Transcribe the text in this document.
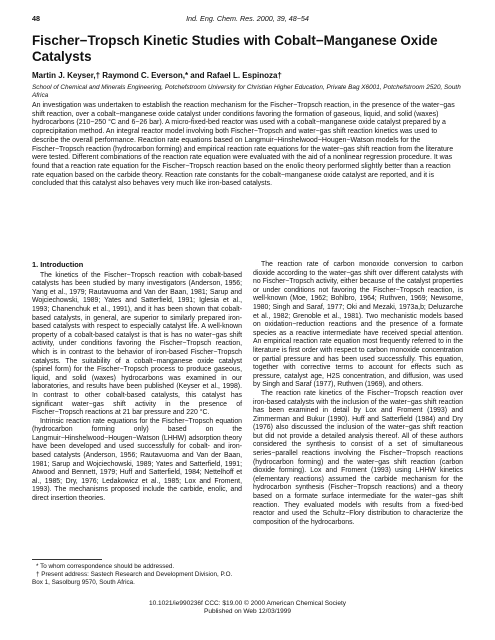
48	Ind. Eng. Chem. Res. 2000, 39, 48−54
Fischer−Tropsch Kinetic Studies with Cobalt−Manganese Oxide Catalysts
Martin J. Keyser,† Raymond C. Everson,* and Rafael L. Espinoza†
School of Chemical and Minerals Engineering, Potchefstroom University for Christian Higher Education, Private Bag X6001, Potchefstroom 2520, South Africa
An investigation was undertaken to establish the reaction mechanism for the Fischer−Tropsch reaction, in the presence of the water−gas shift reaction, over a cobalt−manganese oxide catalyst under conditions favoring the formation of gaseous, liquid, and solid (waxes) hydrocarbons (210−250 °C and 6−26 bar). A micro-fixed-bed reactor was used with a cobalt−manganese oxide catalyst prepared by a coprecipitation method. An integral reactor model involving both Fischer−Tropsch and water−gas shift reaction kinetics was used to describe the overall performance. Reaction rate equations based on Langmuir−Hinshelwood−Hougen−Watson models for the Fischer−Tropsch reaction (hydrocarbon forming) and empirical reaction rate equations for the water−gas shift reaction from the literature were tested. Different combinations of the reaction rate equation were evaluated with the aid of a nonlinear regression procedure. It was found that a reaction rate equation for the Fischer−Tropsch reaction based on the enolic theory performed slightly better than a reaction rate equation based on the carbide theory. Reaction rate constants for the cobalt−manganese oxide catalyst are reported, and it is concluded that this catalyst also behaves very much like iron-based catalysts.
1. Introduction

The kinetics of the Fischer−Tropsch reaction with cobalt-based catalysts has been studied by many investigators (Anderson, 1956; Yang et al., 1979; Rautavuoma and Van der Baan, 1981; Sarup and Wojciechowski, 1989; Yates and Satterfield, 1991; Iglesia et al., 1993; Chanenchuk et al., 1991), and it has been shown that cobalt-based catalysts, in general, are superior to similarly prepared iron-based catalysts with respect to especially catalyst life. A well-known property of a cobalt-based catalyst is that is has no water−gas shift activity, under conditions favoring the Fischer−Tropsch reaction, which is in contrast to the behavior of iron-based Fischer−Tropsch catalysts. The suitability of a cobalt−manganese oxide catalyst (spinel form) for the Fischer−Tropsch process to produce gaseous, liquid, and solid (waxes) hydrocarbons was examined in our laboratories, and results have been published (Keyser et al., 1998). In contrast to other cobalt-based catalysts, this catalyst has significant water−gas shift activity in the presence of Fischer−Tropsch reactions at 21 bar pressure and 220 °C.

Intrinsic reaction rate equations for the Fischer−Tropsch equation (hydrocarbon forming only) based on the Langmuir−Hinshelwood−Hougen−Watson (LHHW) adsorption theory have been developed and used successfully for cobalt- and iron-based catalysts (Anderson, 1956; Rautavuoma and Van der Baan, 1981; Sarup and Wojciechowski, 1989; Yates and Satterfield, 1991; Atwood and Bennett, 1979; Huff and Satterfield, 1984; Nettelhoff et al., 1985; Dry, 1976; Ledakowicz et al., 1985; Lox and Froment, 1993). The mechanisms proposed include the carbide, enolic, and direct insertion theories.

The reaction rate of carbon monoxide conversion to carbon dioxide according to the water−gas shift over different catalysts with no Fischer−Tropsch activity, either because of the catalyst properties or under conditions not favoring the Fischer−Tropsch reaction, is well-known (Moe, 1962; Bohlbro, 1964; Ruthven, 1969; Newsome, 1980; Singh and Saraf, 1977; Oki and Mezaki, 1973a,b; Deluzarche et al., 1982; Grenoble et al., 1981). Two mechanistic models based on oxidation−reduction reactions and the presence of a formate species as a reactive intermediate have received special attention. An empirical reaction rate equation most frequently referred to in the literature is first order with respect to carbon monoxide concentration or partial pressure and has been used successfully. This equation, together with corrective terms to account for effects such as pressure, catalyst age, H2S concentration, and diffusion, was used by Singh and Saraf (1977), Ruthven (1969), and others.

The reaction rate kinetics of the Fischer−Tropsch reaction over iron-based catalysts with the inclusion of the water−gas shift reaction has been examined in detail by Lox and Froment (1993) and Zimmerman and Bukur (1990). Huff and Satterfield (1984) and Dry (1976) also discussed the inclusion of the water−gas shift reaction but did not provide a detailed analysis thereof. All of these authors considered the synthesis to consist of a set of simultaneous series−parallel reactions involving the Fischer−Tropsch reactions (hydrocarbon forming) and the water−gas shift reaction (carbon dioxide forming). Lox and Froment (1993) using LHHW kinetics (elementary reactions) assumed the carbide mechanism for the hydrocarbon synthesis (Fischer−Tropsch reactions) and a theory based on a formate surface intermediate for the water−gas shift reaction. They evaluated models with results from a fixed-bed reactor and used the Schultz−Flory distribution to characterize the composition of the hydrocarbons.

* To whom correspondence should be addressed.
† Present address: Sastech Research and Development Division, P.O. Box 1, Sasolburg 9570, South Africa.
10.1021/ie990236f CCC: $19.00 © 2000 American Chemical Society
Published on Web 12/03/1999
